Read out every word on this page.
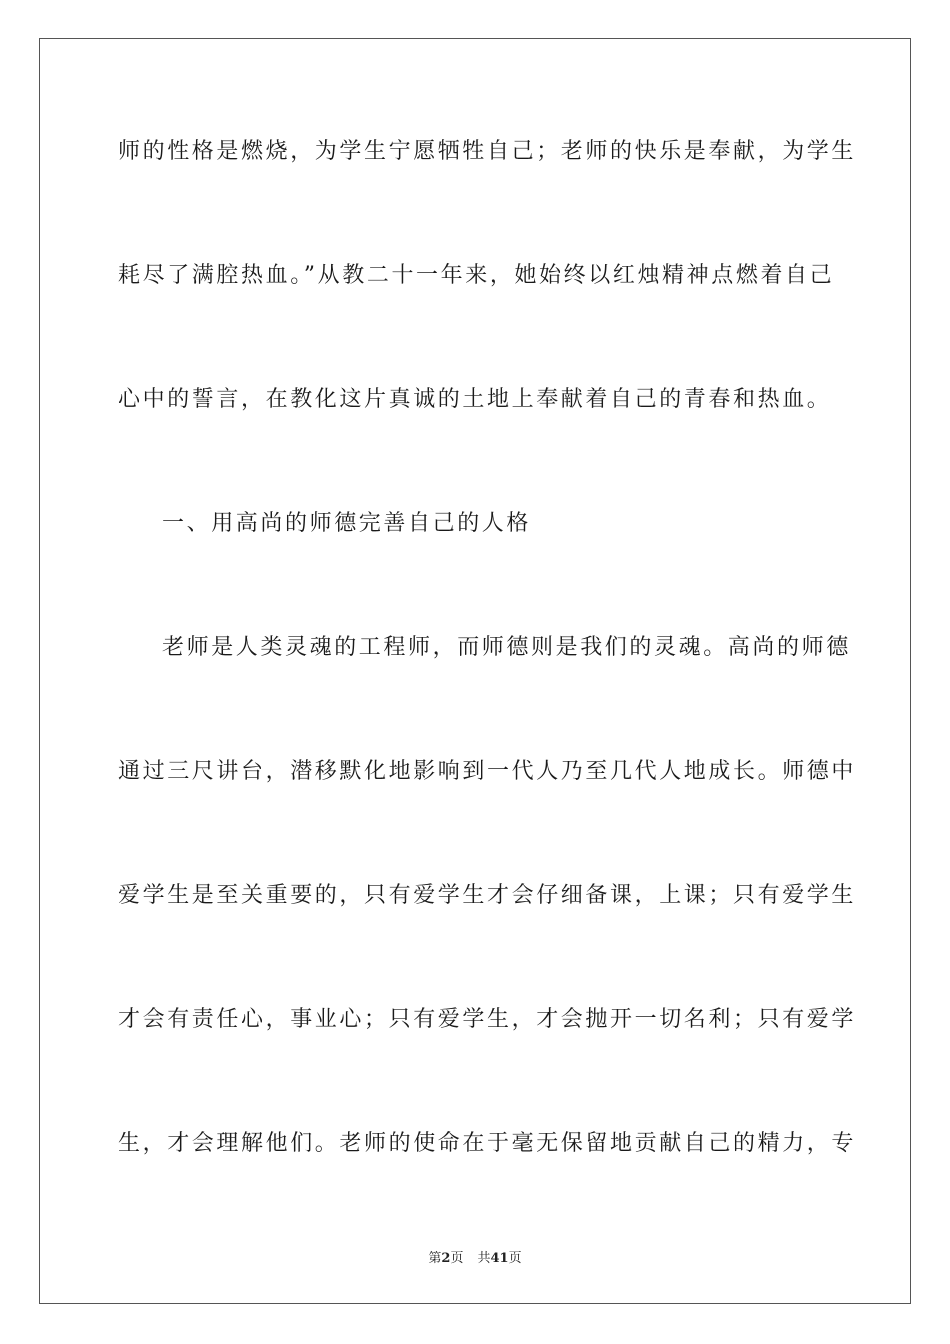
师的性格是燃烧，为学生宁愿牺牲自己；老师的快乐是奉献，为学生
耗尽了满腔热血。”从教二十一年来，她始终以红烛精神点燃着自己
心中的誓言，在教化这片真诚的土地上奉献着自己的青春和热血。
一、用高尚的师德完善自己的人格
老师是人类灵魂的工程师，而师德则是我们的灵魂。高尚的师德
通过三尺讲台，潜移默化地影响到一代人乃至几代人地成长。师德中
爱学生是至关重要的，只有爱学生才会仔细备课，上课；只有爱学生
才会有责任心，事业心；只有爱学生，才会抛开一切名利；只有爱学
生，才会理解他们。老师的使命在于毫无保留地贡献自己的精力，专
第2页 共41页
